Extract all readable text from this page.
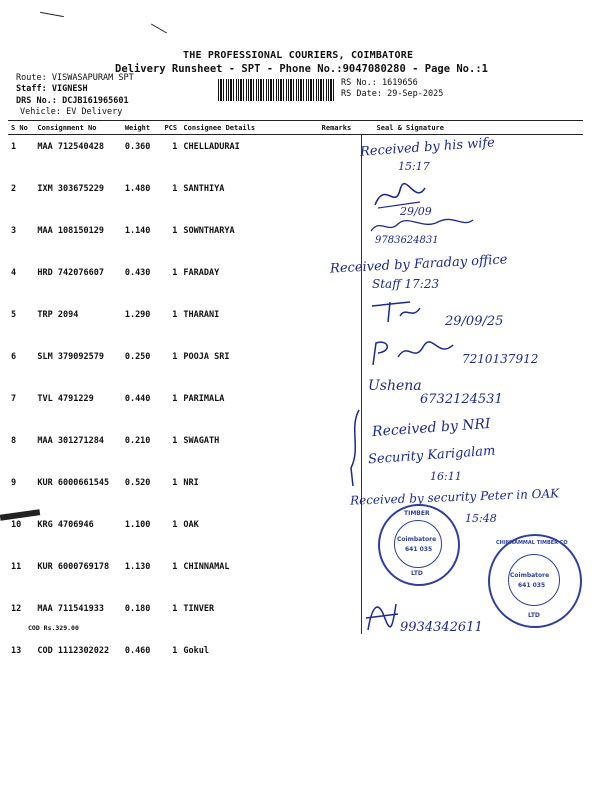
THE PROFESSIONAL COURIERS, COIMBATORE
Delivery Runsheet - SPT - Phone No.:9047080280 - Page No.:1
Route: VISWASAPURAM SPT
Staff: VIGNESH
DRS No.: DCJB161965601
Vehicle: EV Delivery
RS No.: 1619656
RS Date: 29-Sep-2025
S No	Consignment No	Weight	PCS	Consignee Details	Remarks	Seal & Signature
1	MAA 712540428	0.360	1	CHELLADURAI		
2	IXM 303675229	1.480	1	SANTHIYA		
3	MAA 108150129	1.140	1	SOWNTHARYA		
4	HRD 742076607	0.430	1	FARADAY		
5	TRP 2094	1.290	1	THARANI		
6	SLM 379092579	0.250	1	POOJA SRI		
7	TVL 4791229	0.440	1	PARIMALA		
8	MAA 301271284	0.210	1	SWAGATH		
9	KUR 6000661545	0.520	1	NRI		
10	KRG 4706946	1.100	1	OAK		
11	KUR 6000769178	1.130	1	CHINNAMAL		
12	MAA 711541933	0.180	1	TINVER		
13	COD 1112302022	0.460	1	Gokul		
COD Rs.329.00
Received by his wife
15:17
29/09
9783624831
Received by Faraday office
Staff 17:23
29/09/25
7210137912
Ushena
6732124531
Received by NRI
Security Karigalam
16:11
Received by security Peter in OAK
15:48
TIMBER
Coimbatore
641 035
LTD
CHINNAMMAL TIMBER CO
Coimbatore
641 035
LTD
9934342611
